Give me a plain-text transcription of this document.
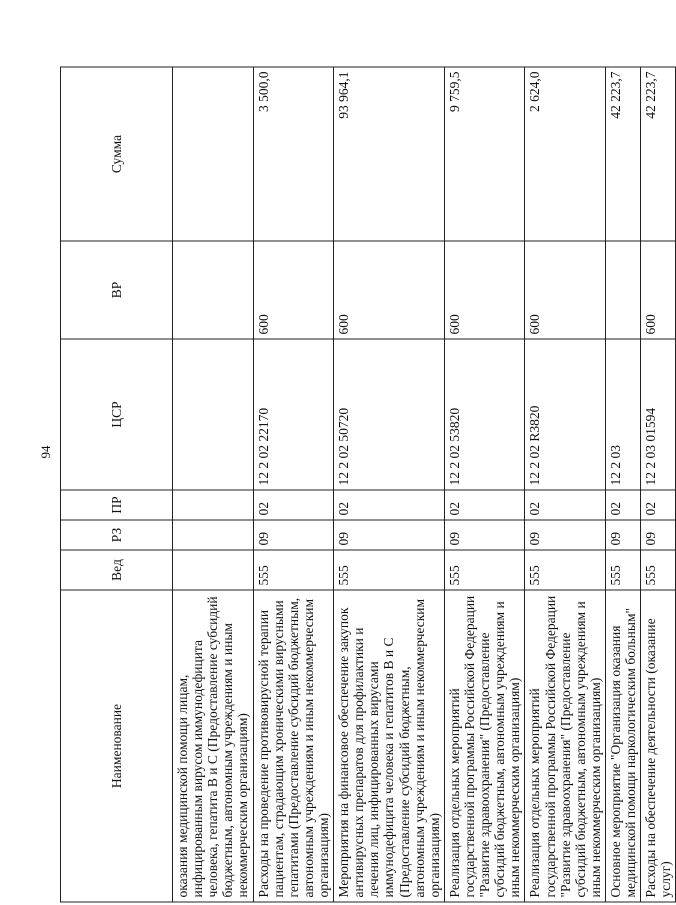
94
Наименование	Вед	РЗ	ПР	ЦСР	ВР	Сумма
оказания медицинской помощи лицам, инфицированным вирусом иммунодефицита человека, гепатита В и С (Предоставление субсидий бюджетным, автономным учреждениям и иным некоммерческим организациям)						
Расходы на проведение противовирусной терапии пациентам, страдающим хроническими вирусными гепатитами (Предоставление субсидий бюджетным, автономным учреждениям и иным некоммерческим организациям)	555	09	02	12 2 02 22170	600	3 500,0
Мероприятия на финансовое обеспечение закупок антивирусных препаратов для профилактики и лечения лиц, инфицированных вирусами иммунодефицита человека и гепатитов В и С (Предоставление субсидий бюджетным, автономным учреждениям и иным некоммерческим организациям)	555	09	02	12 2 02 50720	600	93 964,1
Реализация отдельных мероприятий государственной программы Российской Федерации "Развитие здравоохранения" (Предоставление субсидий бюджетным, автономным учреждениям и иным некоммерческим организациям)	555	09	02	12 2 02 53820	600	9 759,5
Реализация отдельных мероприятий государственной программы Российской Федерации "Развитие здравоохранения" (Предоставление субсидий бюджетным, автономным учреждениям и иным некоммерческим организациям)	555	09	02	12 2 02 R3820	600	2 624,0
Основное мероприятие "Организация оказания медицинской помощи наркологическим больным"	555	09	02	12 2 03		42 223,7
Расходы на обеспечение деятельности (оказание услуг)	555	09	02	12 2 03 01594	600	42 223,7
